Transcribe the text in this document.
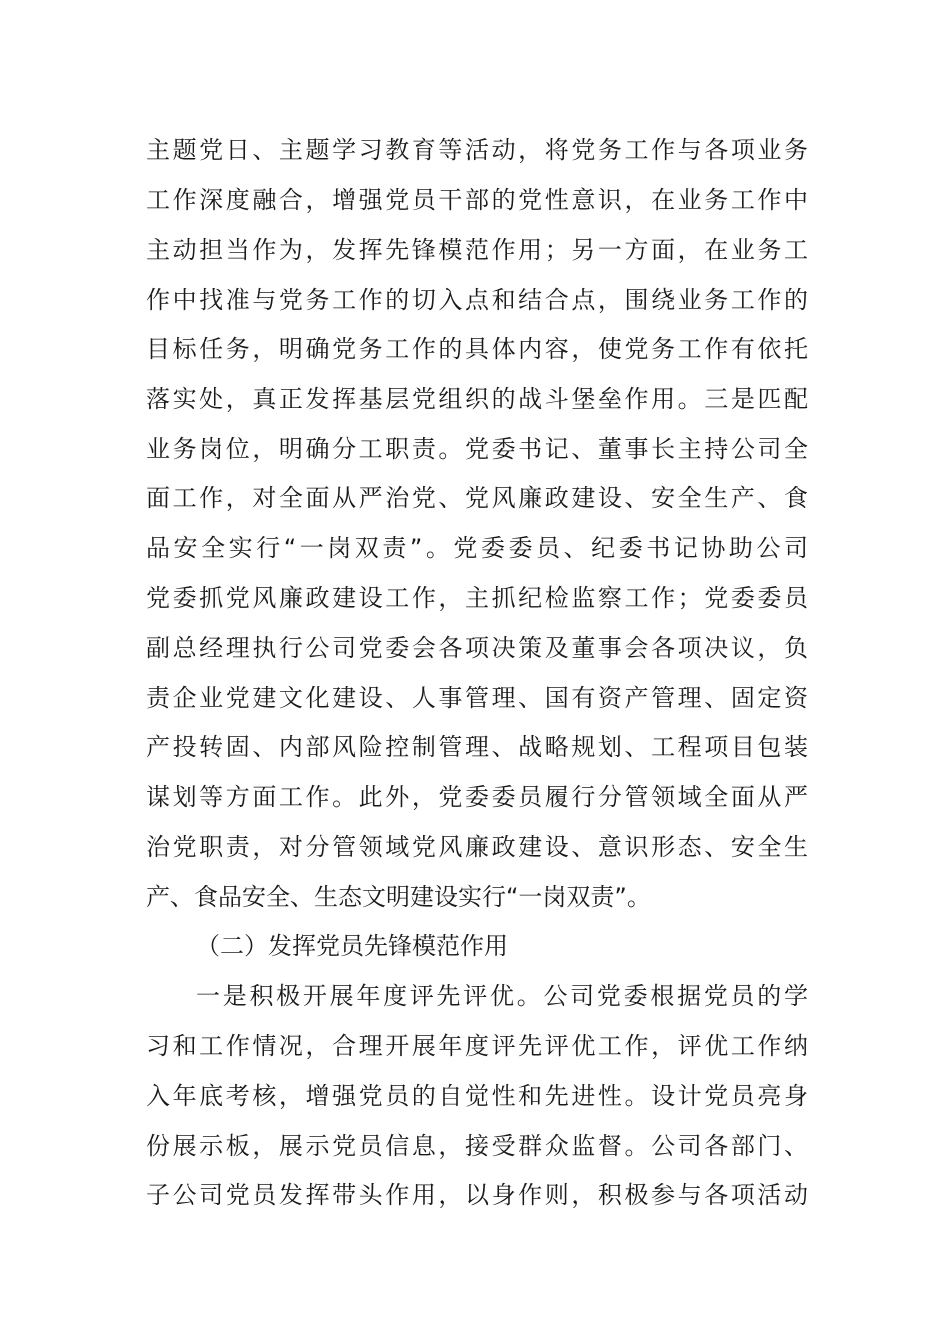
主题党日、主题学习教育等活动，将党务工作与各项业务
工作深度融合，增强党员干部的党性意识，在业务工作中
主动担当作为，发挥先锋模范作用；另一方面，在业务工
作中找准与党务工作的切入点和结合点，围绕业务工作的
目标任务，明确党务工作的具体内容，使党务工作有依托
落实处，真正发挥基层党组织的战斗堡垒作用。三是匹配
业务岗位，明确分工职责。党委书记、董事长主持公司全
面工作，对全面从严治党、党风廉政建设、安全生产、食
品安全实行“一岗双责”。党委委员、纪委书记协助公司
党委抓党风廉政建设工作，主抓纪检监察工作；党委委员
副总经理执行公司党委会各项决策及董事会各项决议，负
责企业党建文化建设、人事管理、国有资产管理、固定资
产投转固、内部风险控制管理、战略规划、工程项目包装
谋划等方面工作。此外，党委委员履行分管领域全面从严
治党职责，对分管领域党风廉政建设、意识形态、安全生
产、食品安全、生态文明建设实行“一岗双责”。
（二）发挥党员先锋模范作用
一是积极开展年度评先评优。公司党委根据党员的学
习和工作情况，合理开展年度评先评优工作，评优工作纳
入年底考核，增强党员的自觉性和先进性。设计党员亮身
份展示板，展示党员信息，接受群众监督。公司各部门、
子公司党员发挥带头作用，以身作则，积极参与各项活动
